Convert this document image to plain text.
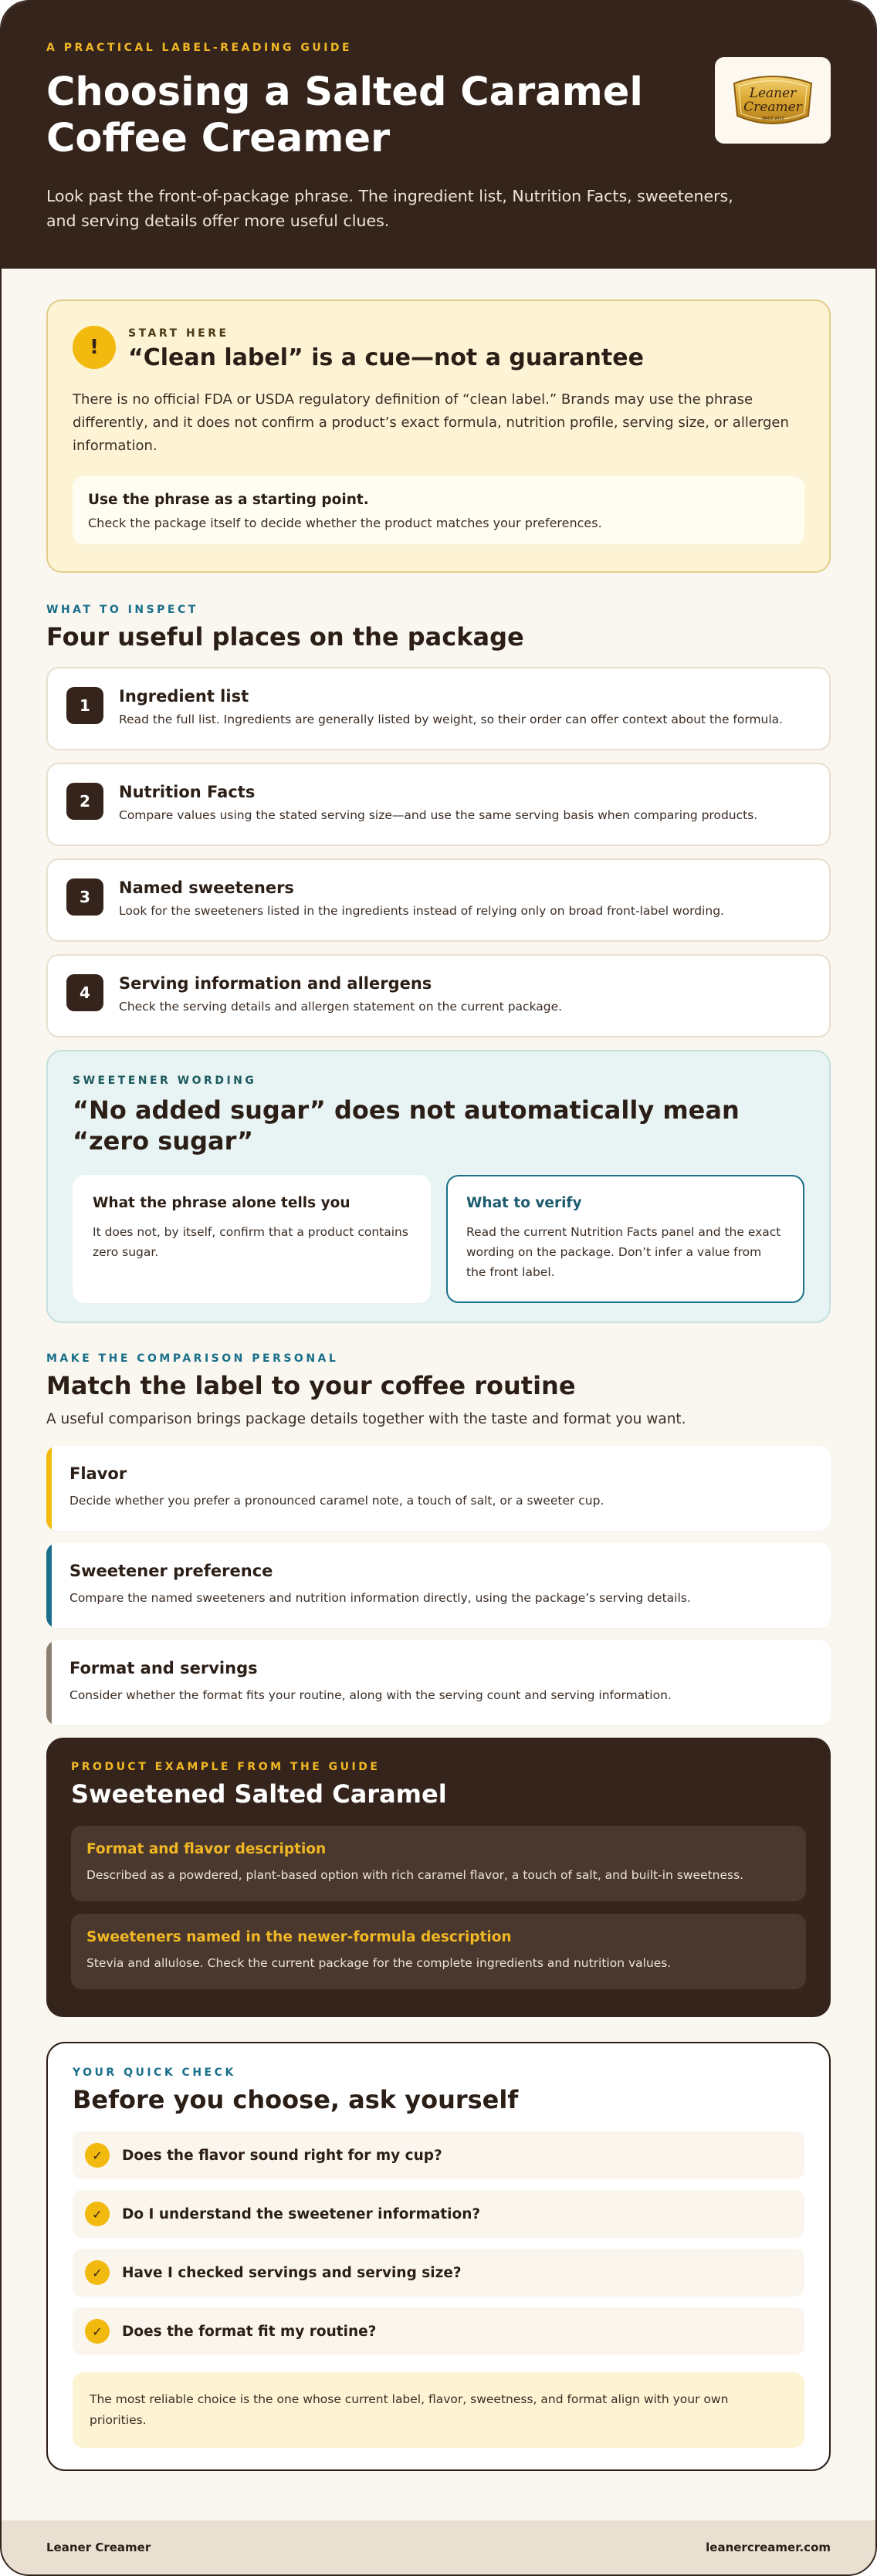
A PRACTICAL LABEL-READING GUIDE
Choosing a Salted Caramel Coffee Creamer

Look past the front-of-package phrase. The ingredient list, Nutrition Facts, sweeteners, and serving details offer more useful clues.

Leaner
Creamer
SINCE 2010
!
START HERE
“Clean label” is a cue—not a guarantee

There is no official FDA or USDA regulatory definition of “clean label.” Brands may use the phrase differently, and it does not confirm a product’s exact formula, nutrition profile, serving size, or allergen information.

Use the phrase as a starting point.
Check the package itself to decide whether the product matches your preferences.
WHAT TO INSPECT
Four useful places on the package
1	Ingredient list
Read the full list. Ingredients are generally listed by weight, so their order can offer context about the formula.
2	Nutrition Facts
Compare values using the stated serving size—and use the same serving basis when comparing products.
3	Named sweeteners
Look for the sweeteners listed in the ingredients instead of relying only on broad front-label wording.
4	Serving information and allergens
Check the serving details and allergen statement on the current package.
SWEETENER WORDING
“No added sugar” does not automatically mean “zero sugar”
What the phrase alone tells you
It does not, by itself, confirm that a product contains zero sugar.
What to verify
Read the current Nutrition Facts panel and the exact wording on the package. Don’t infer a value from the front label.
MAKE THE COMPARISON PERSONAL
Match the label to your coffee routine

A useful comparison brings package details together with the taste and format you want.

Flavor
Decide whether you prefer a pronounced caramel note, a touch of salt, or a sweeter cup.
Sweetener preference
Compare the named sweeteners and nutrition information directly, using the package’s serving details.
Format and servings
Consider whether the format fits your routine, along with the serving count and serving information.
PRODUCT EXAMPLE FROM THE GUIDE
Sweetened Salted Caramel
Format and flavor description
Described as a powdered, plant-based option with rich caramel flavor, a touch of salt, and built-in sweetness.
Sweeteners named in the newer-formula description
Stevia and allulose. Check the current package for the complete ingredients and nutrition values.
YOUR QUICK CHECK
Before you choose, ask yourself
✓	Does the flavor sound right for my cup?
✓	Do I understand the sweetener information?
✓	Have I checked servings and serving size?
✓	Does the format fit my routine?
The most reliable choice is the one whose current label, flavor, sweetness, and format align with your own priorities.
Leaner Creamer	leanercreamer.com
